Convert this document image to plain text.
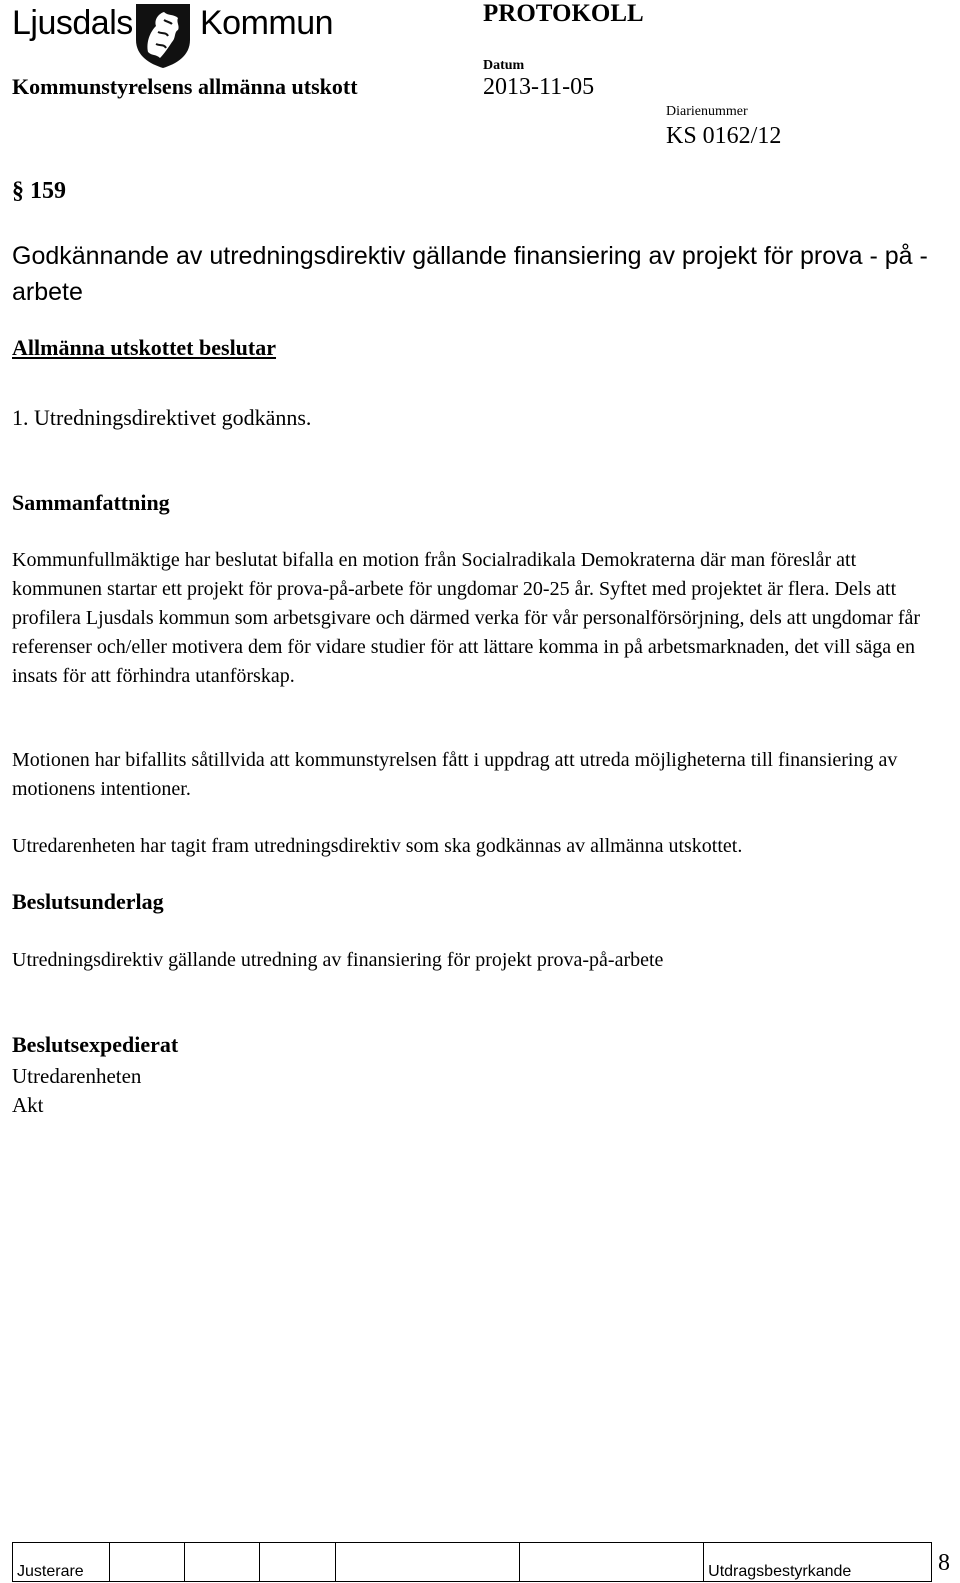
Ljusdals Kommun	PROTOKOLL
Kommunstyrelsens allmänna utskott
Datum
2013-11-05
Diarienummer
KS 0162/12
§ 159
Godkännande av utredningsdirektiv gällande finansiering av projekt för prova - på - arbete
Allmänna utskottet beslutar
1. Utredningsdirektivet godkänns.
Sammanfattning
Kommunfullmäktige har beslutat bifalla en motion från Socialradikala Demokraterna där man föreslår att kommunen startar ett projekt för prova-på-arbete för ungdomar 20-25 år. Syftet med projektet är flera. Dels att profilera Ljusdals kommun som arbetsgivare och därmed verka för vår personalförsörjning, dels att ungdomar får referenser och/eller motivera dem för vidare studier för att lättare komma in på arbetsmarknaden, det vill säga en insats för att förhindra utanförskap.
Motionen har bifallits såtillvida att kommunstyrelsen fått i uppdrag att utreda möjligheterna till finansiering av motionens intentioner.
Utredarenheten har tagit fram utredningsdirektiv som ska godkännas av allmänna utskottet.
Beslutsunderlag
Utredningsdirektiv gällande utredning av finansiering för projekt prova-på-arbete
Beslutsexpedierat
Utredarenheten
Akt
Justerare						Utdragsbestyrkande	8
